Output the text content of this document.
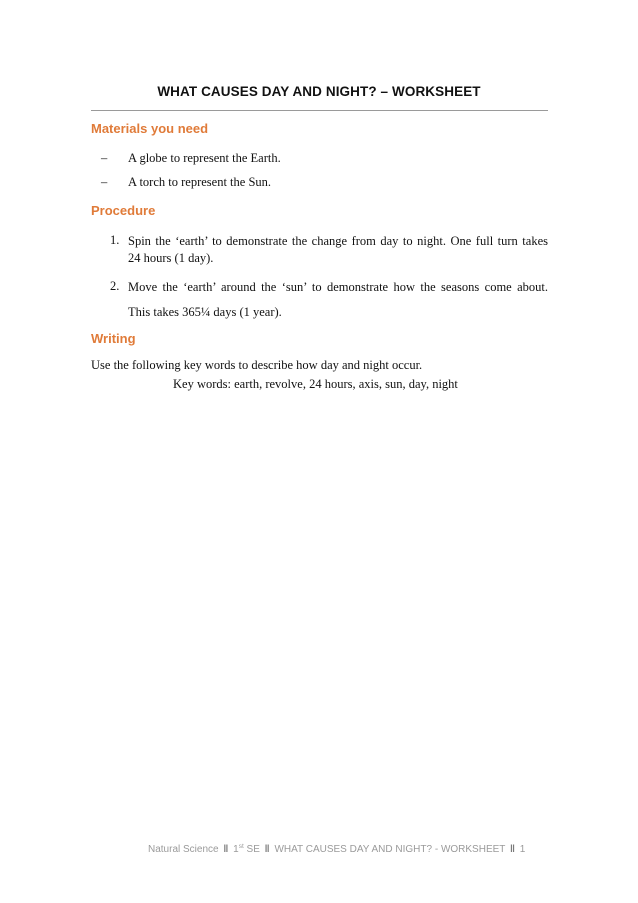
WHAT CAUSES DAY AND NIGHT? – WORKSHEET
Materials you need
– A globe to represent the Earth.
– A torch to represent the Sun.
Procedure
1. Spin the ‘earth’ to demonstrate the change from day to night. One full turn takes
24 hours (1 day).
2. Move the ‘earth’ around the ‘sun’ to demonstrate how the seasons come about.
This takes 365¼ days (1 year).
Writing
Use the following key words to describe how day and night occur.
Key words: earth, revolve, 24 hours, axis, sun, day, night
Natural Science ‖ 1st SE ‖ WHAT CAUSES DAY AND NIGHT? - WORKSHEET ‖ 1
